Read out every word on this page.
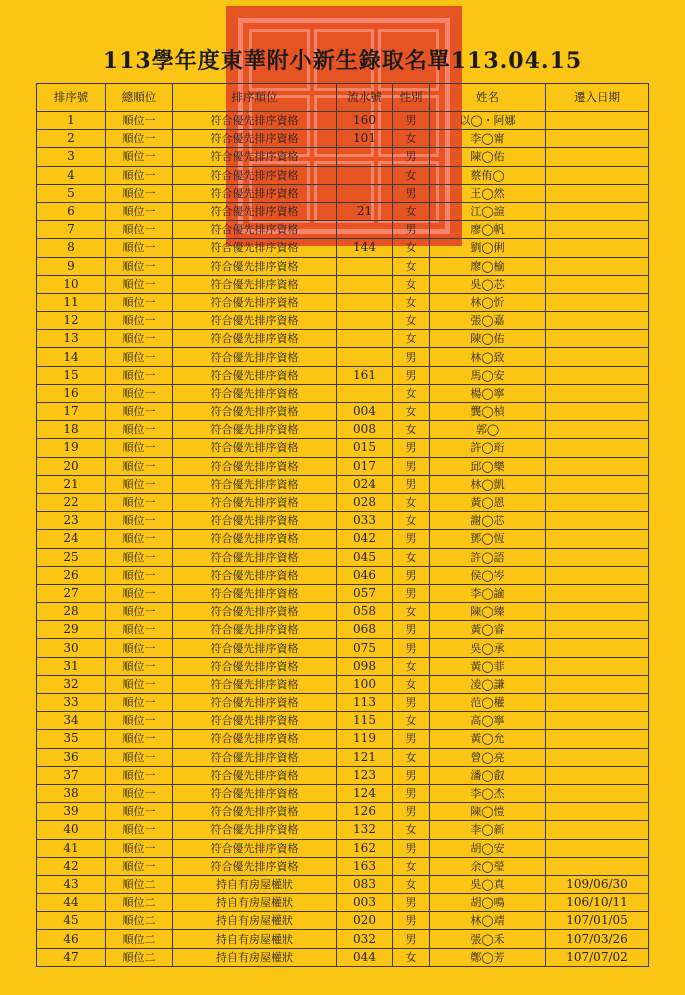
113學年度東華附小新生錄取名單113.04.15
排序號	總順位	排序順位	流水號	性別	姓名	遷入日期
1	順位一	符合優先排序資格	160	男	以◯・阿娜	
2	順位一	符合優先排序資格	101	女	李◯甯	
3	順位一	符合優先排序資格		男	陳◯佑	
4	順位一	符合優先排序資格		女	蔡侑◯	
5	順位一	符合優先排序資格		男	王◯然	
6	順位一	符合優先排序資格	21	女	江◯諠	
7	順位一	符合優先排序資格		男	廖◯帆	
8	順位一	符合優先排序資格	144	女	劉◯俐	
9	順位一	符合優先排序資格		女	廖◯榆	
10	順位一	符合優先排序資格		女	吳◯芯	
11	順位一	符合優先排序資格		女	林◯忻	
12	順位一	符合優先排序資格		女	張◯嘉	
13	順位一	符合優先排序資格		女	陳◯佑	
14	順位一	符合優先排序資格		男	林◯致	
15	順位一	符合優先排序資格	161	男	馬◯安	
16	順位一	符合優先排序資格		女	楊◯寧	
17	順位一	符合優先排序資格	004	女	龔◯楨	
18	順位一	符合優先排序資格	008	女	郭◯	
19	順位一	符合優先排序資格	015	男	許◯珩	
20	順位一	符合優先排序資格	017	男	邱◯樂	
21	順位一	符合優先排序資格	024	男	林◯凱	
22	順位一	符合優先排序資格	028	女	黃◯恩	
23	順位一	符合優先排序資格	033	女	謝◯芯	
24	順位一	符合優先排序資格	042	男	鄧◯恆	
25	順位一	符合優先排序資格	045	女	許◯語	
26	順位一	符合優先排序資格	046	男	侯◯岑	
27	順位一	符合優先排序資格	057	男	李◯諭	
28	順位一	符合優先排序資格	058	女	陳◯臻	
29	順位一	符合優先排序資格	068	男	黃◯睿	
30	順位一	符合優先排序資格	075	男	吳◯承	
31	順位一	符合優先排序資格	098	女	黃◯菲	
32	順位一	符合優先排序資格	100	女	凌◯謙	
33	順位一	符合優先排序資格	113	男	范◯權	
34	順位一	符合優先排序資格	115	女	高◯寧	
35	順位一	符合優先排序資格	119	男	黃◯允	
36	順位一	符合優先排序資格	121	女	曾◯亮	
37	順位一	符合優先排序資格	123	男	潘◯叡	
38	順位一	符合優先排序資格	124	男	李◯杰	
39	順位一	符合優先排序資格	126	男	陳◯愷	
40	順位一	符合優先排序資格	132	女	李◯新	
41	順位一	符合優先排序資格	162	男	胡◯安	
42	順位一	符合優先排序資格	163	女	余◯瑩	
43	順位二	持自有房屋權狀	083	女	吳◯真	109/06/30
44	順位二	持自有房屋權狀	003	男	胡◯鳴	106/10/11
45	順位二	持自有房屋權狀	020	男	林◯靖	107/01/05
46	順位二	持自有房屋權狀	032	男	張◯禾	107/03/26
47	順位二	持自有房屋權狀	044	女	鄭◯芳	107/07/02
